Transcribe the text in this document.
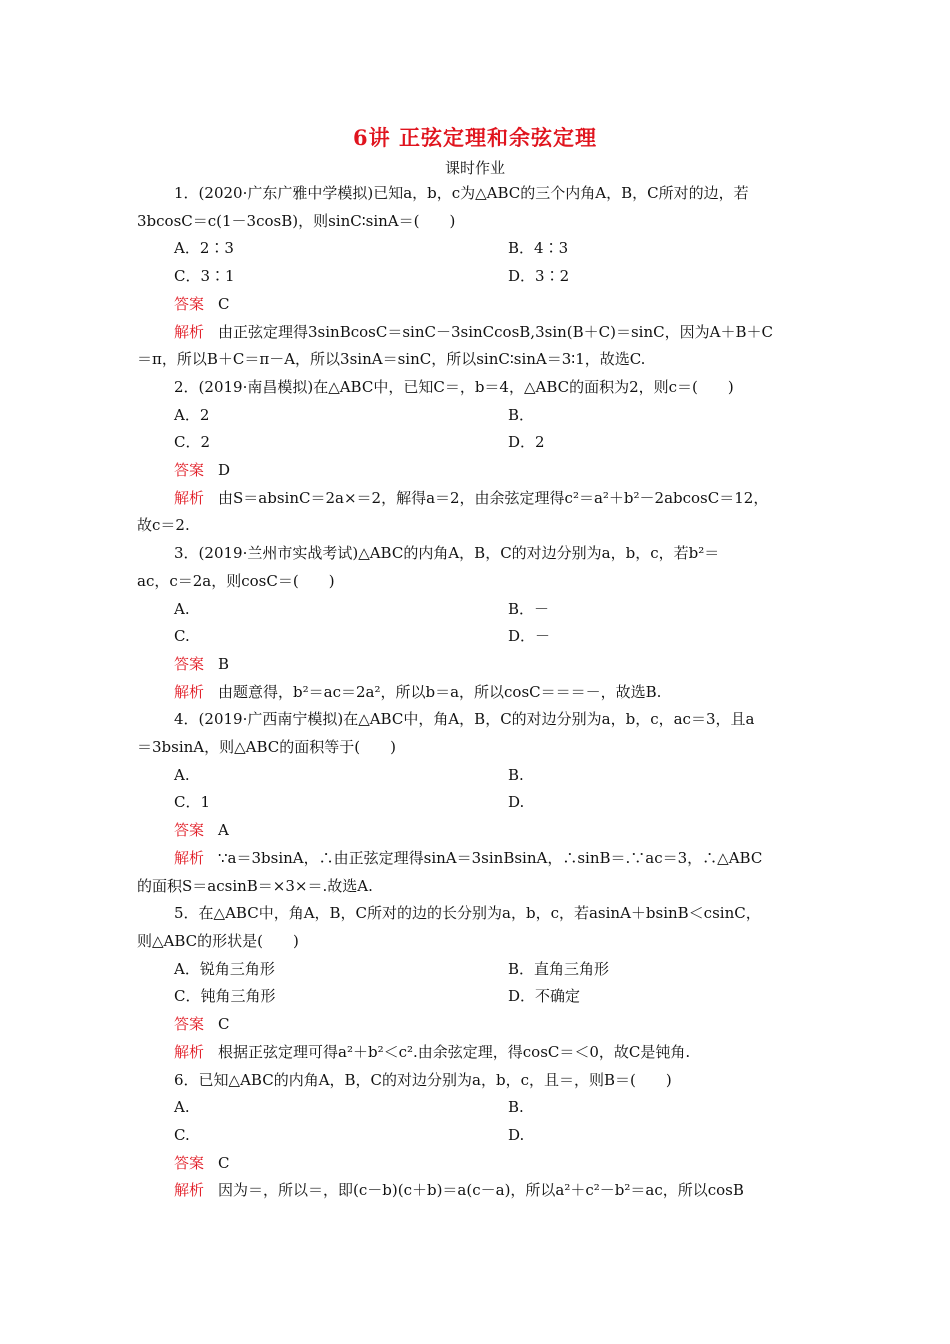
6讲 正弦定理和余弦定理
课时作业
1．(2020·广东广雅中学模拟)已知a，b，c为△ABC的三个内角A，B，C所对的边，若
3bcosC＝c(1－3cosB)，则sinC∶sinA＝(　　)
A．2∶3	B．4∶3
C．3∶1	D．3∶2
答案 C
解析 由正弦定理得3sinBcosC＝sinC－3sinCcosB,3sin(B＋C)＝sinC，因为A＋B＋C
＝π，所以B＋C＝π－A，所以3sinA＝sinC，所以sinC∶sinA＝3∶1，故选C.
2．(2019·南昌模拟)在△ABC中，已知C＝，b＝4，△ABC的面积为2，则c＝(　　)
A．2	B．
C．2	D．2
答案 D
解析 由S＝absinC＝2a×＝2，解得a＝2，由余弦定理得c²＝a²＋b²－2abcosC＝12，
故c＝2.
3．(2019·兰州市实战考试)△ABC的内角A，B，C的对边分别为a，b，c，若b²＝
ac，c＝2a，则cosC＝(　　)
A.	B．－
C.	D．－
答案 B
解析 由题意得，b²＝ac＝2a²，所以b＝a，所以cosC＝＝＝－，故选B.
4．(2019·广西南宁模拟)在△ABC中，角A，B，C的对边分别为a，b，c，ac＝3，且a
＝3bsinA，则△ABC的面积等于(　　)
A.	B.
C．1	D.
答案 A
解析 ∵a＝3bsinA，∴由正弦定理得sinA＝3sinBsinA，∴sinB＝.∵ac＝3，∴△ABC
的面积S＝acsinB＝×3×＝.故选A.
5．在△ABC中，角A，B，C所对的边的长分别为a，b，c，若asinA＋bsinB＜csinC，
则△ABC的形状是(　　)
A．锐角三角形	B．直角三角形
C．钝角三角形	D．不确定
答案 C
解析 根据正弦定理可得a²＋b²＜c².由余弦定理，得cosC＝＜0，故C是钝角.
6．已知△ABC的内角A，B，C的对边分别为a，b，c，且＝，则B＝(　　)
A.	B.
C.	D.
答案 C
解析 因为＝，所以＝，即(c－b)(c＋b)＝a(c－a)，所以a²＋c²－b²＝ac，所以cosB
